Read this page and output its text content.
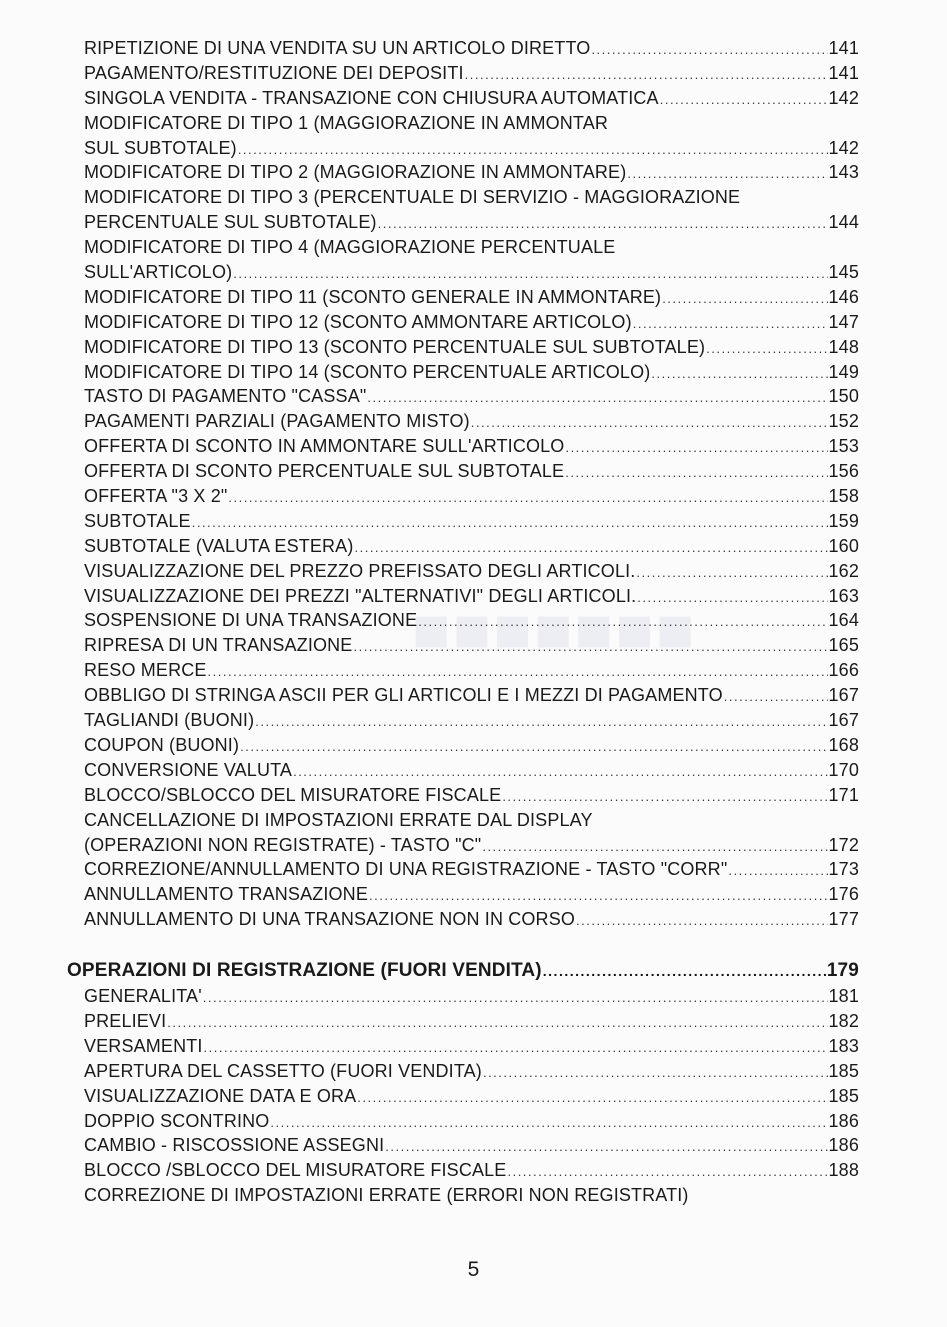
■■■■■■■
RIPETIZIONE DI UNA VENDITA SU UN ARTICOLO DIRETTO .....	141
PAGAMENTO/RESTITUZIONE DEI DEPOSITI .....	141
SINGOLA VENDITA - TRANSAZIONE CON CHIUSURA AUTOMATICA .....	142
MODIFICATORE DI TIPO 1 (MAGGIORAZIONE IN AMMONTAR
SUL SUBTOTALE) .....	142
MODIFICATORE DI TIPO 2 (MAGGIORAZIONE IN AMMONTARE) .....	143
MODIFICATORE DI TIPO 3 (PERCENTUALE DI SERVIZIO - MAGGIORAZIONE
PERCENTUALE SUL SUBTOTALE) .....	144
MODIFICATORE DI TIPO 4 (MAGGIORAZIONE PERCENTUALE
SULL'ARTICOLO) .....	145
MODIFICATORE DI TIPO 11 (SCONTO GENERALE IN AMMONTARE) .....	146
MODIFICATORE DI TIPO 12 (SCONTO AMMONTARE ARTICOLO) .....	147
MODIFICATORE DI TIPO 13 (SCONTO PERCENTUALE SUL SUBTOTALE) .....	148
MODIFICATORE DI TIPO 14 (SCONTO PERCENTUALE ARTICOLO) .....	149
TASTO DI PAGAMENTO "CASSA" .....	150
PAGAMENTI PARZIALI (PAGAMENTO MISTO) .....	152
OFFERTA DI SCONTO IN AMMONTARE SULL'ARTICOLO .....	153
OFFERTA DI SCONTO PERCENTUALE SUL SUBTOTALE .....	156
OFFERTA "3 X 2" .....	158
SUBTOTALE .....	159
SUBTOTALE (VALUTA ESTERA) .....	160
VISUALIZZAZIONE DEL PREZZO PREFISSATO DEGLI ARTICOLI. .....	162
VISUALIZZAZIONE DEI PREZZI "ALTERNATIVI" DEGLI ARTICOLI. .....	163
SOSPENSIONE DI UNA TRANSAZIONE .....	164
RIPRESA DI UN TRANSAZIONE .....	165
RESO MERCE .....	166
OBBLIGO DI STRINGA ASCII PER GLI ARTICOLI E I MEZZI DI PAGAMENTO .....	167
TAGLIANDI (BUONI) .....	167
COUPON (BUONI) .....	168
CONVERSIONE VALUTA .....	170
BLOCCO/SBLOCCO DEL MISURATORE FISCALE .....	171
CANCELLAZIONE DI IMPOSTAZIONI ERRATE DAL DISPLAY
(OPERAZIONI NON REGISTRATE) - TASTO "C" .....	172
CORREZIONE/ANNULLAMENTO DI UNA REGISTRAZIONE - TASTO "CORR" .....	173
ANNULLAMENTO TRANSAZIONE .....	176
ANNULLAMENTO DI UNA TRANSAZIONE NON IN CORSO .....	177
OPERAZIONI DI REGISTRAZIONE (FUORI VENDITA) .....	179
GENERALITA' .....	181
PRELIEVI .....	182
VERSAMENTI .....	183
APERTURA DEL CASSETTO (FUORI VENDITA) .....	185
VISUALIZZAZIONE DATA E ORA .....	185
DOPPIO SCONTRINO .....	186
CAMBIO - RISCOSSIONE ASSEGNI .....	186
BLOCCO /SBLOCCO DEL MISURATORE FISCALE .....	188
CORREZIONE DI IMPOSTAZIONI ERRATE (ERRORI NON REGISTRATI)
5
